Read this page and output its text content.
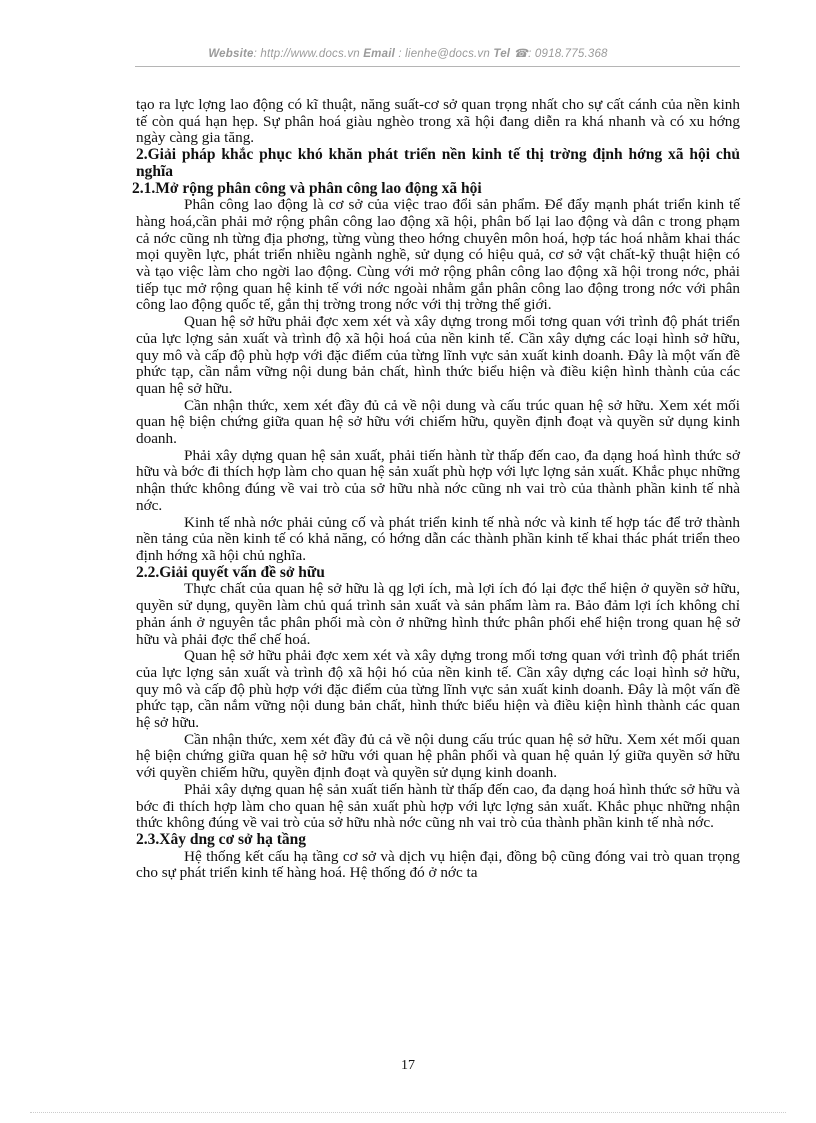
Website: http://www.docs.vn Email : lienhe@docs.vn Tel ☎: 0918.775.368

tạo ra lực lợng lao động có kĩ thuật, năng suất-cơ sở quan trọng nhất cho sự cất cánh của nền kinh tế còn quá hạn hẹp. Sự phân hoá giàu nghèo trong xã hội đang diễn ra khá nhanh và có xu hớng ngày càng gia tăng.

2.Giải pháp khắc phục khó khăn phát triển nền kinh tế thị trờng định hớng xã hội chủ nghĩa

2.1.Mở rộng phân công và phân công lao động xã hội

Phân công lao động là cơ sở của việc trao đổi sản phẩm. Để đẩy mạnh phát triển kinh tế hàng hoá,cần phải mở rộng phân công lao động xã hội, phân bố lại lao động và dân c trong phạm cả nớc cũng nh từng địa phơng, từng vùng theo hớng chuyên môn hoá, hợp tác hoá nhằm khai thác mọi quyền lực, phát triển nhiều ngành nghề, sử dụng có hiệu quả, cơ sở vật chất-kỹ thuật hiện có và tạo việc làm cho ngời lao động. Cùng với mở rộng phân công lao động xã hội trong nớc, phải tiếp tục mở rộng quan hệ kinh tế với nớc ngoài nhằm gắn phân công lao động trong nớc với phân công lao động quốc tế, gắn thị trờng trong nớc với thị trờng thế giới.

Quan hệ sở hữu phải đợc xem xét và xây dựng trong mối tơng quan với trình độ phát triển của lực lợng sản xuất và trình độ xã hội hoá của nền kinh tế. Cần xây dựng các loại hình sở hữu, quy mô và cấp độ phù hợp với đặc điểm của từng lĩnh vực sản xuất kinh doanh. Đây là một vấn đề phức tạp, cần nắm vững nội dung bản chất, hình thức biểu hiện và điều kiện hình thành của các quan hệ sở hữu.

Cần nhận thức, xem xét đầy đủ cả về nội dung và cấu trúc quan hệ sở hữu. Xem xét mối quan hệ biện chứng giữa quan hệ sở hữu với chiếm hữu, quyền định đoạt và quyền sử dụng kinh doanh.

Phải xây dựng quan hệ sản xuất, phải tiến hành từ thấp đến cao, đa dạng hoá hình thức sở hữu và bớc đi thích hợp làm cho quan hệ sản xuất phù hợp với lực lợng sản xuất. Khắc phục những nhận thức không đúng về vai trò của sở hữu nhà nớc cũng nh vai trò của thành phần kinh tế nhà nớc.

Kinh tế nhà nớc phải củng cố và phát triển kinh tế nhà nớc và kinh tế hợp tác để trở thành nền tảng của nền kinh tế có khả năng, có hớng dẫn các thành phần kinh tế khai thác phát triển theo định hớng xã hội chủ nghĩa.

2.2.Giải quyết vấn đề sở hữu

Thực chất của quan hệ sở hữu là qg lợi ích, mà lợi ích đó lại đợc thể hiện ở quyền sở hữu, quyền sử dụng, quyền làm chủ quá trình sản xuất và sản phẩm làm ra. Bảo đảm lợi ích không chỉ phản ánh ở nguyên tắc phân phối mà còn ở những hình thức phân phối ehể hiện trong quan hệ sở hữu và phải đợc thể chế hoá.

Quan hệ sở hữu phải đợc xem xét và xây dựng trong mối tơng quan với trình độ phát triển của lực lợng sản xuất và trình độ xã hội hó của nền kinh tế. Cần xây dựng các loại hình sở hữu, quy mô và cấp độ phù hợp với đặc điểm của từng lĩnh vực sản xuất kinh doanh. Đây là một vấn đề phức tạp, cần nắm vững nội dung bản chất, hình thức biểu hiện và điều kiện hình thành các quan hệ sở hữu.

Cần nhận thức, xem xét đầy đủ cả về nội dung cấu trúc quan hệ sở hữu. Xem xét mối quan hệ biện chứng giữa quan hệ sở hữu với quan hệ phân phối và quan hệ quản lý giữa quyền sở hữu với quyền chiếm hữu, quyền định đoạt và quyền sử dụng kinh doanh.

Phải xây dựng quan hệ sản xuất tiến hành từ thấp đến cao, đa dạng hoá hình thức sở hữu và bớc đi thích hợp làm cho quan hệ sản xuất phù hợp với lực lợng sản xuất. Khắc phục những nhận thức không đúng về vai trò của sở hữu nhà nớc cũng nh vai trò của thành phần kinh tế nhà nớc.

2.3.Xây dng cơ sở hạ tầng

Hệ thống kết cấu hạ tầng cơ sở và dịch vụ hiện đại, đồng bộ cũng đóng vai trò quan trọng cho sự phát triển kinh tế hàng hoá. Hệ thống đó ở nớc ta

17
